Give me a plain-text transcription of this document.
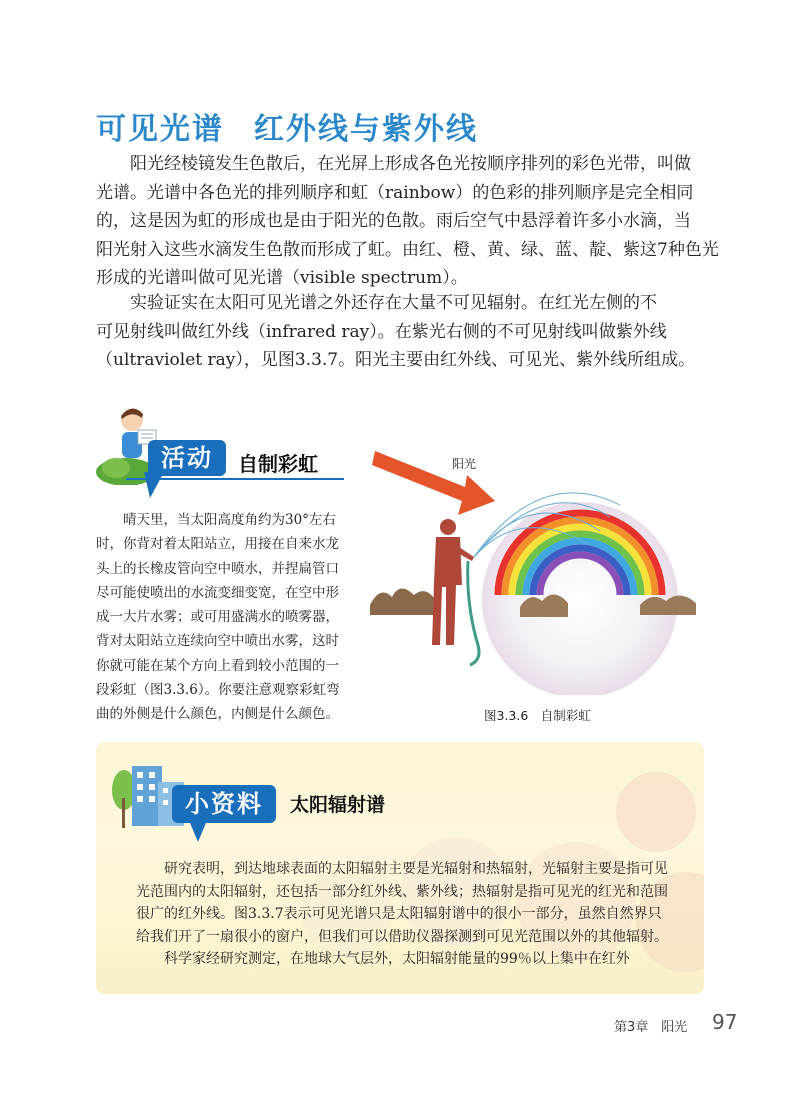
可见光谱 红外线与紫外线

　　阳光经棱镜发生色散后，在光屏上形成各色光按顺序排列的彩色光带，叫做
光谱。光谱中各色光的排列顺序和虹（rainbow）的色彩的排列顺序是完全相同
的，这是因为虹的形成也是由于阳光的色散。雨后空气中悬浮着许多小水滴，当
阳光射入这些水滴发生色散而形成了虹。由红、橙、黄、绿、蓝、靛、紫这7种色光
形成的光谱叫做可见光谱（visible spectrum）。

　　实验证实在太阳可见光谱之外还存在大量不可见辐射。在红光左侧的不
可见射线叫做红外线（infrared ray）。在紫光右侧的不可见射线叫做紫外线
（ultraviolet ray），见图3.3.7。阳光主要由红外线、可见光、紫外线所组成。

活动	自制彩虹

　　晴天里，当太阳高度角约为30°左右
时，你背对着太阳站立，用接在自来水龙
头上的长橡皮管向空中喷水，并捏扁管口
尽可能使喷出的水流变细变宽，在空中形
成一大片水雾；或可用盛满水的喷雾器，
背对太阳站立连续向空中喷出水雾，这时
你就可能在某个方向上看到较小范围的一
段彩虹（图3.3.6）。你要注意观察彩虹弯
曲的外侧是什么颜色，内侧是什么颜色。

阳光
图3.3.6　自制彩虹
小资料	太阳辐射谱

　　研究表明，到达地球表面的太阳辐射主要是光辐射和热辐射，光辐射主要是指可见
光范围内的太阳辐射，还包括一部分红外线、紫外线；热辐射是指可见光的红光和范围
很广的红外线。图3.3.7表示可见光谱只是太阳辐射谱中的很小一部分，虽然自然界只
给我们开了一扇很小的窗户，但我们可以借助仪器探测到可见光范围以外的其他辐射。
　　科学家经研究测定，在地球大气层外，太阳辐射能量的99％以上集中在红外

第3章　阳光 97
